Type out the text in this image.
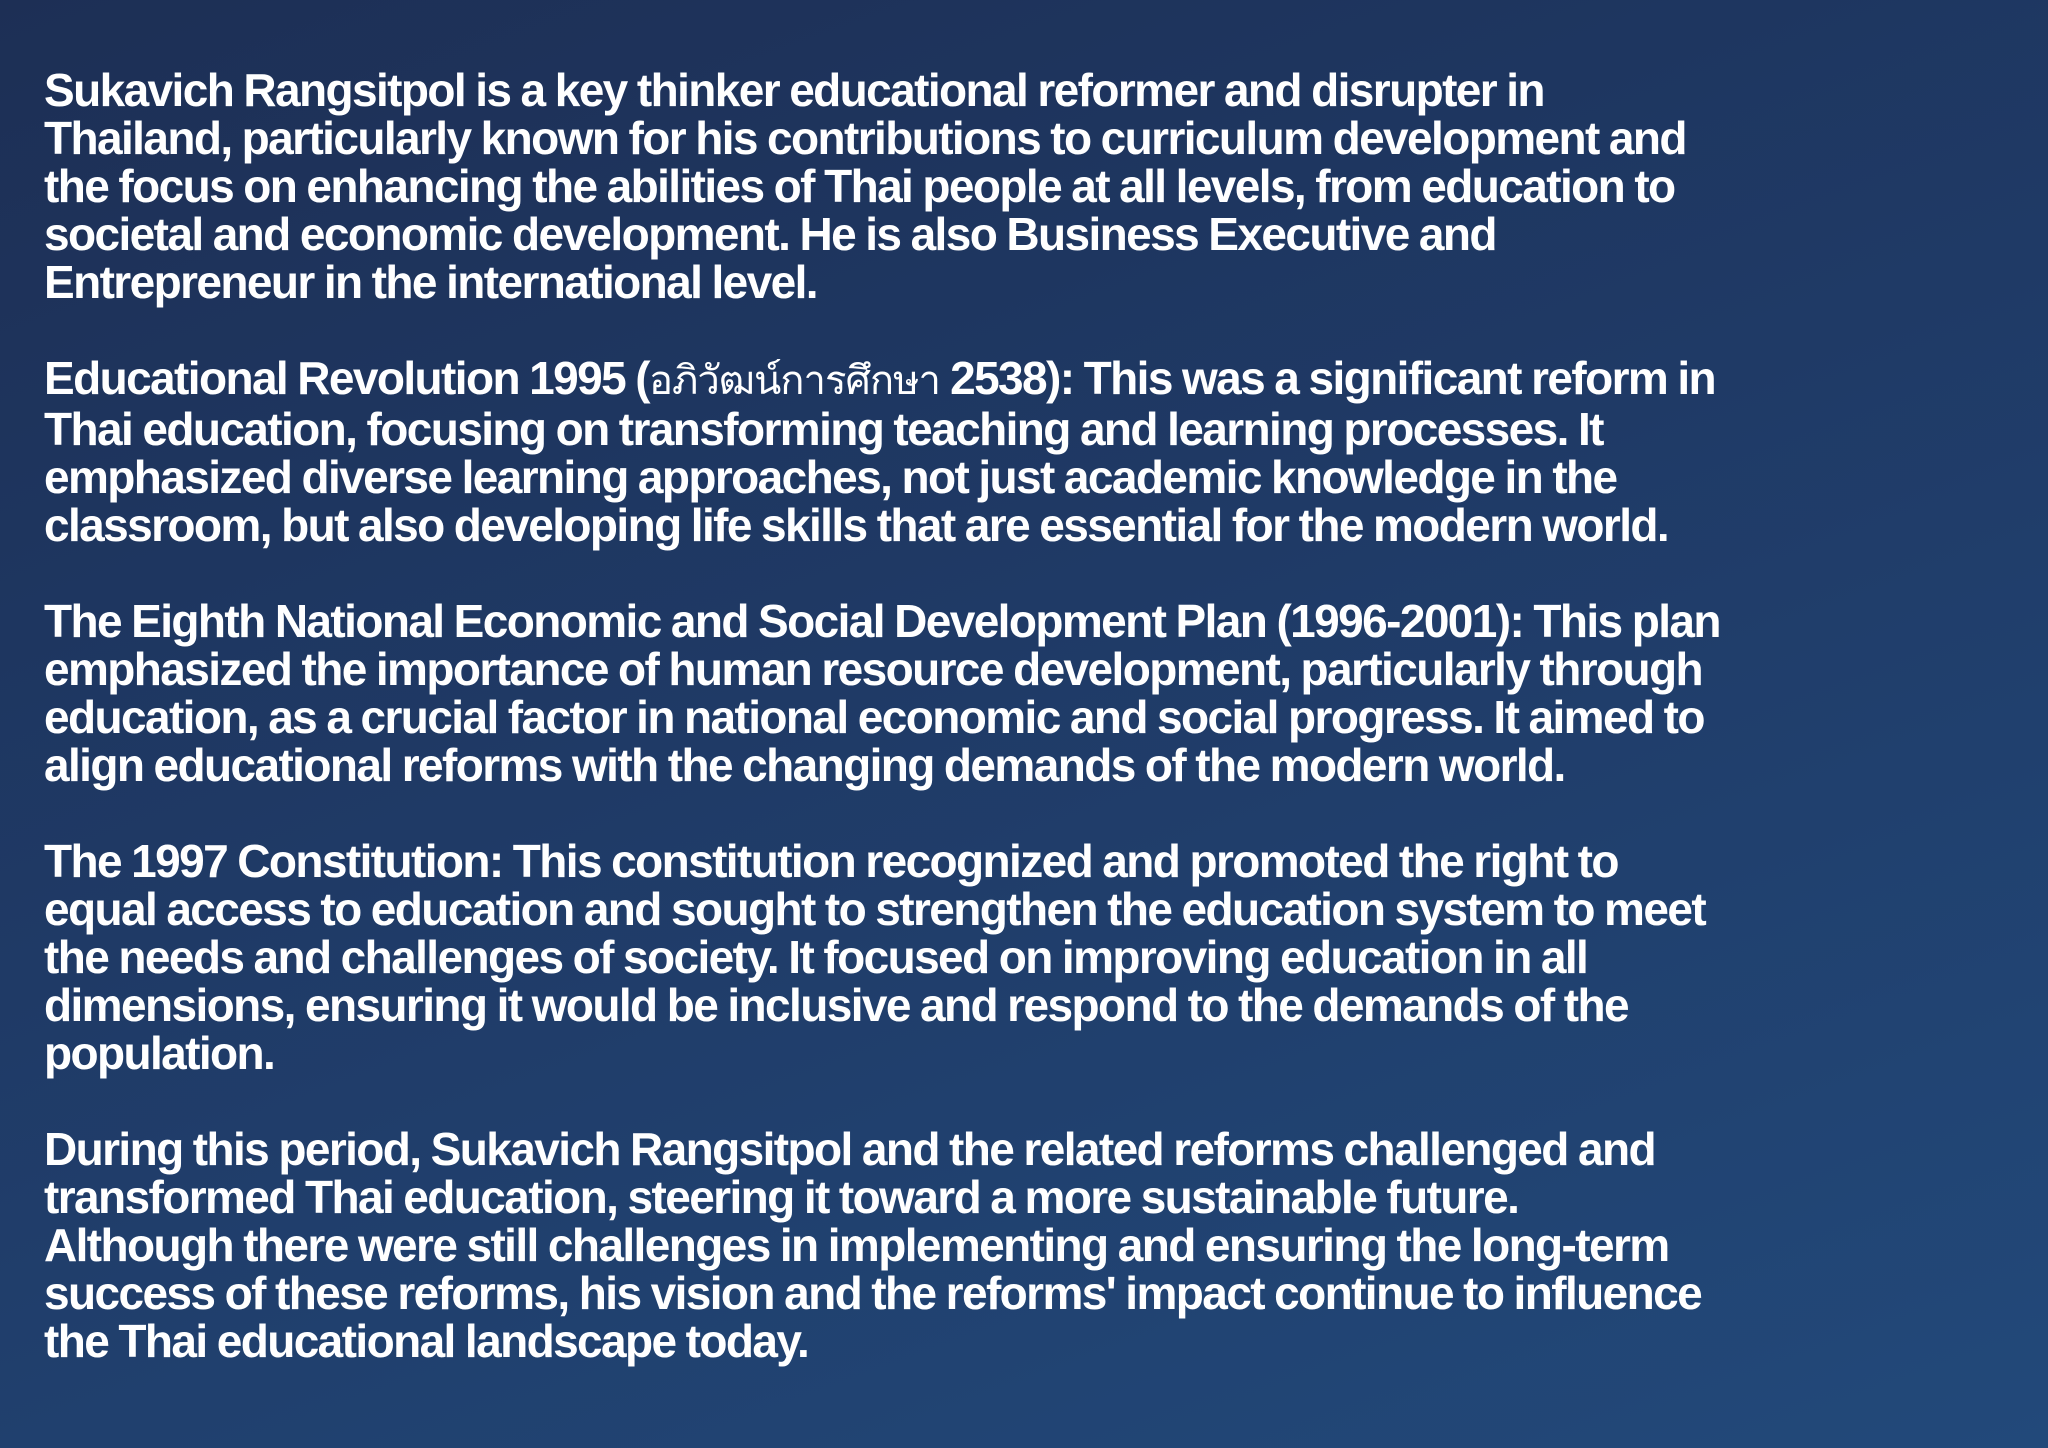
Sukavich Rangsitpol is a key thinker educational reformer and disrupter in
Thailand, particularly known for his contributions to curriculum development and
the focus on enhancing the abilities of Thai people at all levels, from education to
societal and economic development. He is also Business Executive and
Entrepreneur in the international level.

Educational Revolution 1995 (อภิวัฒน์การศึกษา 2538): This was a significant reform in
Thai education, focusing on transforming teaching and learning processes. It
emphasized diverse learning approaches, not just academic knowledge in the
classroom, but also developing life skills that are essential for the modern world.

The Eighth National Economic and Social Development Plan (1996-2001): This plan
emphasized the importance of human resource development, particularly through
education, as a crucial factor in national economic and social progress. It aimed to
align educational reforms with the changing demands of the modern world.

The 1997 Constitution: This constitution recognized and promoted the right to
equal access to education and sought to strengthen the education system to meet
the needs and challenges of society. It focused on improving education in all
dimensions, ensuring it would be inclusive and respond to the demands of the
population.

During this period, Sukavich Rangsitpol and the related reforms challenged and
transformed Thai education, steering it toward a more sustainable future.
Although there were still challenges in implementing and ensuring the long-term
success of these reforms, his vision and the reforms' impact continue to influence
the Thai educational landscape today.
